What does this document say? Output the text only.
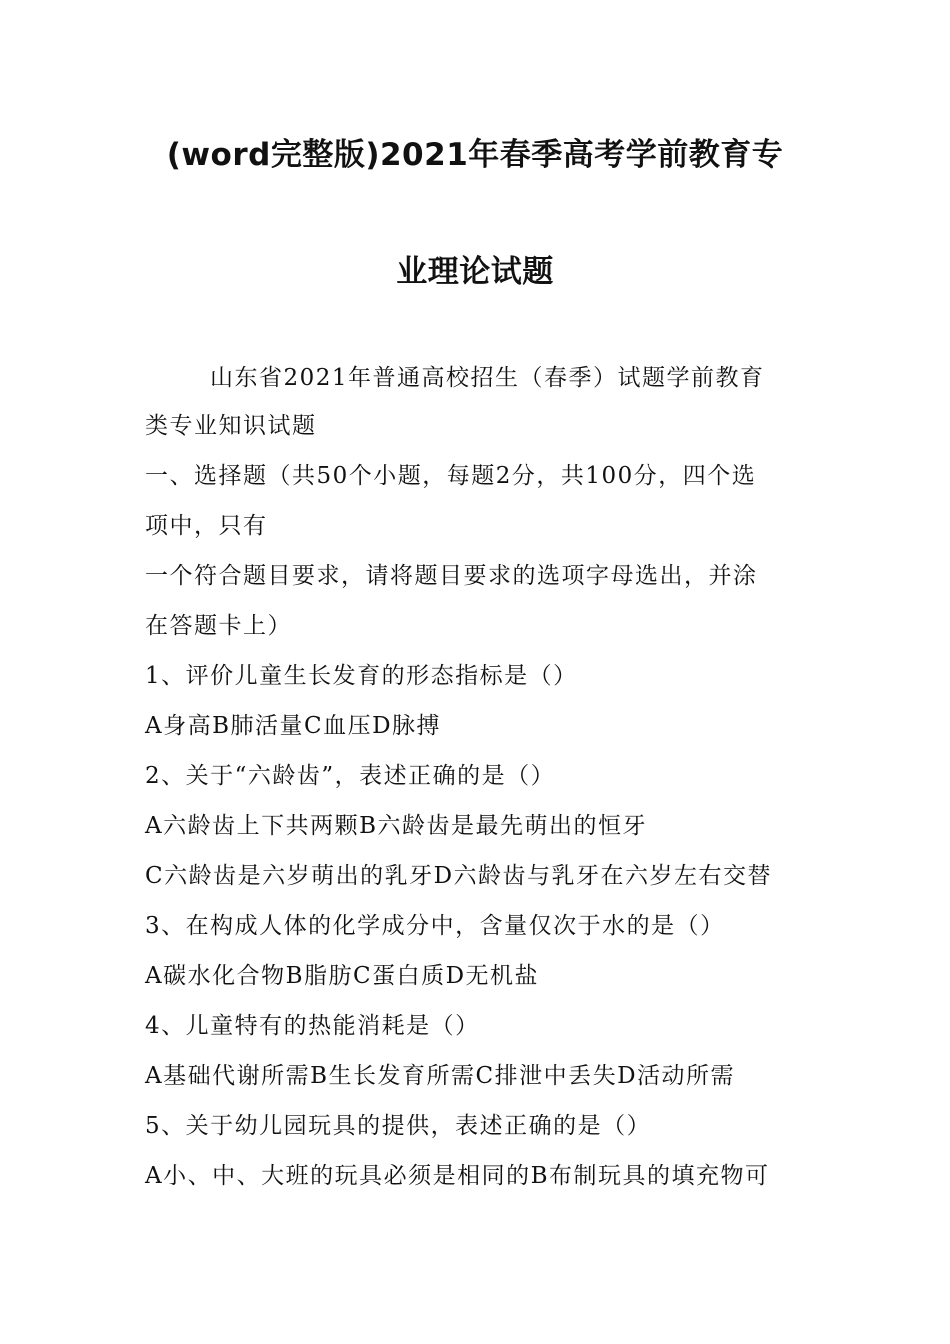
(word完整版)2021年春季高考学前教育专
业理论试题
山东省2021年普通高校招生（春季）试题学前教育
类专业知识试题
一、选择题（共50个小题，每题2分，共100分，四个选
项中，只有
一个符合题目要求，请将题目要求的选项字母选出，并涂
在答题卡上）
1、评价儿童生长发育的形态指标是（）
A身高B肺活量C血压D脉搏
2、关于“六龄齿”，表述正确的是（）
A六龄齿上下共两颗B六龄齿是最先萌出的恒牙
C六龄齿是六岁萌出的乳牙D六龄齿与乳牙在六岁左右交替
3、在构成人体的化学成分中，含量仅次于水的是（）
A碳水化合物B脂肪C蛋白质D无机盐
4、儿童特有的热能消耗是（）
A基础代谢所需B生长发育所需C排泄中丢失D活动所需
5、关于幼儿园玩具的提供，表述正确的是（）
A小、中、大班的玩具必须是相同的B布制玩具的填充物可
